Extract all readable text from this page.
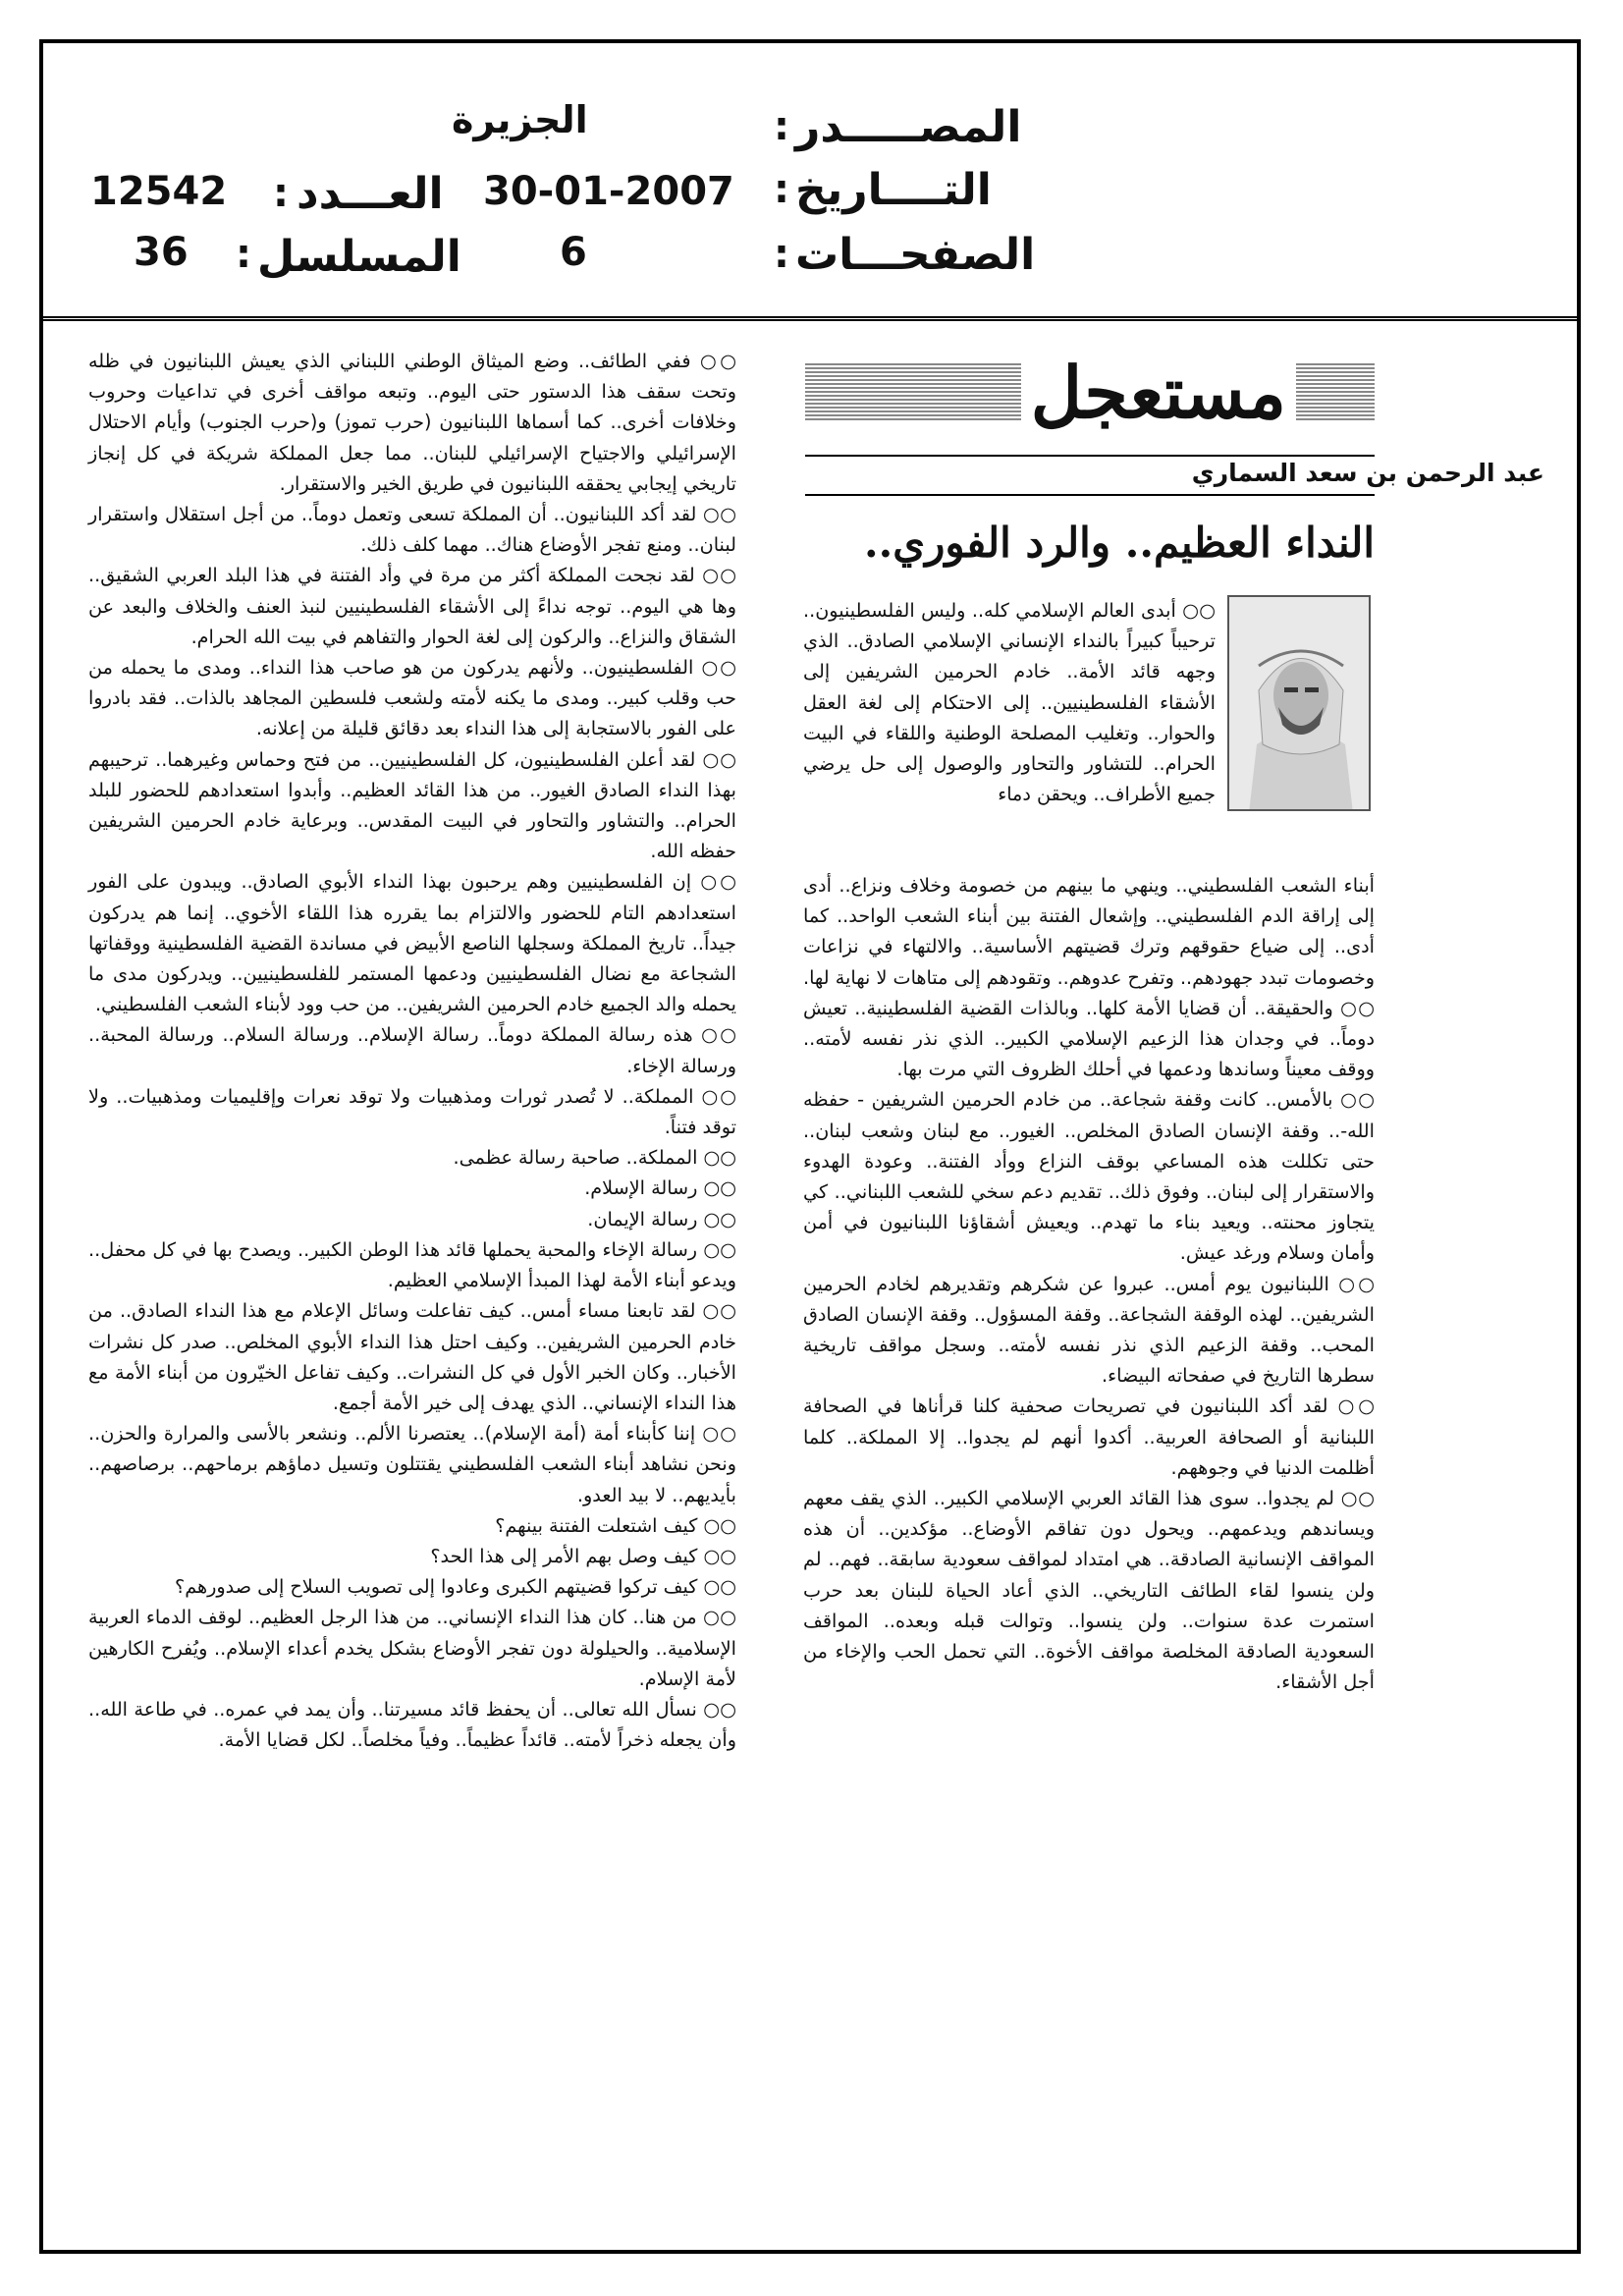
المصـــــدر
:
الجزيرة
التــــاريخ
:
30-01-2007
العـــدد
:
12542
الصفحـــات
:
6
المسلسل
:
36
مستعجل
عبد الرحمن بن سعد السماري
النداء العظيم.. والرد الفوري..

○○ أبدى العالم الإسلامي كله.. وليس الفلسطينيون.. ترحيباً كبيراً بالنداء الإنساني الإسلامي الصادق.. الذي وجهه قائد الأمة.. خادم الحرمين الشريفين إلى الأشقاء الفلسطينيين.. إلى الاحتكام إلى لغة العقل والحوار.. وتغليب المصلحة الوطنية واللقاء في البيت الحرام.. للتشاور والتحاور والوصول إلى حل يرضي جميع الأطراف.. ويحقن دماء

أبناء الشعب الفلسطيني.. وينهي ما بينهم من خصومة وخلاف ونزاع.. أدى إلى إراقة الدم الفلسطيني.. وإشعال الفتنة بين أبناء الشعب الواحد.. كما أدى.. إلى ضياع حقوقهم وترك قضيتهم الأساسية.. والالتهاء في نزاعات وخصومات تبدد جهودهم.. وتفرح عدوهم.. وتقودهم إلى متاهات لا نهاية لها.

○○ والحقيقة.. أن قضايا الأمة كلها.. وبالذات القضية الفلسطينية.. تعيش دوماً.. في وجدان هذا الزعيم الإسلامي الكبير.. الذي نذر نفسه لأمته.. ووقف معيناً وساندها ودعمها في أحلك الظروف التي مرت بها.

○○ بالأمس.. كانت وقفة شجاعة.. من خادم الحرمين الشريفين - حفظه الله-.. وقفة الإنسان الصادق المخلص.. الغيور.. مع لبنان وشعب لبنان.. حتى تكللت هذه المساعي بوقف النزاع ووأد الفتنة.. وعودة الهدوء والاستقرار إلى لبنان.. وفوق ذلك.. تقديم دعم سخي للشعب اللبناني.. كي يتجاوز محنته.. ويعيد بناء ما تهدم.. ويعيش أشقاؤنا اللبنانيون في أمن وأمان وسلام ورغد عيش.

○○ اللبنانيون يوم أمس.. عبروا عن شكرهم وتقديرهم لخادم الحرمين الشريفين.. لهذه الوقفة الشجاعة.. وقفة المسؤول.. وقفة الإنسان الصادق المحب.. وقفة الزعيم الذي نذر نفسه لأمته.. وسجل مواقف تاريخية سطرها التاريخ في صفحاته البيضاء.

○○ لقد أكد اللبنانيون في تصريحات صحفية كلنا قرأناها في الصحافة اللبنانية أو الصحافة العربية.. أكدوا أنهم لم يجدوا.. إلا المملكة.. كلما أظلمت الدنيا في وجوههم.

○○ لم يجدوا.. سوى هذا القائد العربي الإسلامي الكبير.. الذي يقف معهم ويساندهم ويدعمهم.. ويحول دون تفاقم الأوضاع.. مؤكدين.. أن هذه المواقف الإنسانية الصادقة.. هي امتداد لمواقف سعودية سابقة.. فهم.. لم ولن ينسوا لقاء الطائف التاريخي.. الذي أعاد الحياة للبنان بعد حرب استمرت عدة سنوات.. ولن ينسوا.. وتوالت قبله وبعده.. المواقف السعودية الصادقة المخلصة مواقف الأخوة.. التي تحمل الحب والإخاء من أجل الأشقاء.

○○ ففي الطائف.. وضع الميثاق الوطني اللبناني الذي يعيش اللبنانيون في ظله وتحت سقف هذا الدستور حتى اليوم.. وتبعه مواقف أخرى في تداعيات وحروب وخلافات أخرى.. كما أسماها اللبنانيون (حرب تموز) و(حرب الجنوب) وأيام الاحتلال الإسرائيلي والاجتياح الإسرائيلي للبنان.. مما جعل المملكة شريكة في كل إنجاز تاريخي إيجابي يحققه اللبنانيون في طريق الخير والاستقرار.

○○ لقد أكد اللبنانيون.. أن المملكة تسعى وتعمل دوماً.. من أجل استقلال واستقرار لبنان.. ومنع تفجر الأوضاع هناك.. مهما كلف ذلك.

○○ لقد نجحت المملكة أكثر من مرة في وأد الفتنة في هذا البلد العربي الشقيق.. وها هي اليوم.. توجه نداءً إلى الأشقاء الفلسطينيين لنبذ العنف والخلاف والبعد عن الشقاق والنزاع.. والركون إلى لغة الحوار والتفاهم في بيت الله الحرام.

○○ الفلسطينيون.. ولأنهم يدركون من هو صاحب هذا النداء.. ومدى ما يحمله من حب وقلب كبير.. ومدى ما يكنه لأمته ولشعب فلسطين المجاهد بالذات.. فقد بادروا على الفور بالاستجابة إلى هذا النداء بعد دقائق قليلة من إعلانه.

○○ لقد أعلن الفلسطينيون، كل الفلسطينيين.. من فتح وحماس وغيرهما.. ترحيبهم بهذا النداء الصادق الغيور.. من هذا القائد العظيم.. وأبدوا استعدادهم للحضور للبلد الحرام.. والتشاور والتحاور في البيت المقدس.. وبرعاية خادم الحرمين الشريفين حفظه الله.

○○ إن الفلسطينيين وهم يرحبون بهذا النداء الأبوي الصادق.. ويبدون على الفور استعدادهم التام للحضور والالتزام بما يقرره هذا اللقاء الأخوي.. إنما هم يدركون جيداً.. تاريخ المملكة وسجلها الناصع الأبيض في مساندة القضية الفلسطينية ووقفاتها الشجاعة مع نضال الفلسطينيين ودعمها المستمر للفلسطينيين.. ويدركون مدى ما يحمله والد الجميع خادم الحرمين الشريفين.. من حب وود لأبناء الشعب الفلسطيني.

○○ هذه رسالة المملكة دوماً.. رسالة الإسلام.. ورسالة السلام.. ورسالة المحبة.. ورسالة الإخاء.

○○ المملكة.. لا تُصدر ثورات ومذهبيات ولا توقد نعرات وإقليميات ومذهبيات.. ولا توقد فتناً.

○○ المملكة.. صاحبة رسالة عظمى.

○○ رسالة الإسلام.

○○ رسالة الإيمان.

○○ رسالة الإخاء والمحبة يحملها قائد هذا الوطن الكبير.. ويصدح بها في كل محفل.. ويدعو أبناء الأمة لهذا المبدأ الإسلامي العظيم.

○○ لقد تابعنا مساء أمس.. كيف تفاعلت وسائل الإعلام مع هذا النداء الصادق.. من خادم الحرمين الشريفين.. وكيف احتل هذا النداء الأبوي المخلص.. صدر كل نشرات الأخبار.. وكان الخبر الأول في كل النشرات.. وكيف تفاعل الخيّرون من أبناء الأمة مع هذا النداء الإنساني.. الذي يهدف إلى خير الأمة أجمع.

○○ إننا كأبناء أمة (أمة الإسلام).. يعتصرنا الألم.. ونشعر بالأسى والمرارة والحزن.. ونحن نشاهد أبناء الشعب الفلسطيني يقتتلون وتسيل دماؤهم برماحهم.. برصاصهم.. بأيديهم.. لا بيد العدو.

○○ كيف اشتعلت الفتنة بينهم؟

○○ كيف وصل بهم الأمر إلى هذا الحد؟

○○ كيف تركوا قضيتهم الكبرى وعادوا إلى تصويب السلاح إلى صدورهم؟

○○ من هنا.. كان هذا النداء الإنساني.. من هذا الرجل العظيم.. لوقف الدماء العربية الإسلامية.. والحيلولة دون تفجر الأوضاع بشكل يخدم أعداء الإسلام.. ويُفرح الكارهين لأمة الإسلام.

○○ نسأل الله تعالى.. أن يحفظ قائد مسيرتنا.. وأن يمد في عمره.. في طاعة الله.. وأن يجعله ذخراً لأمته.. قائداً عظيماً.. وفياً مخلصاً.. لكل قضايا الأمة.
